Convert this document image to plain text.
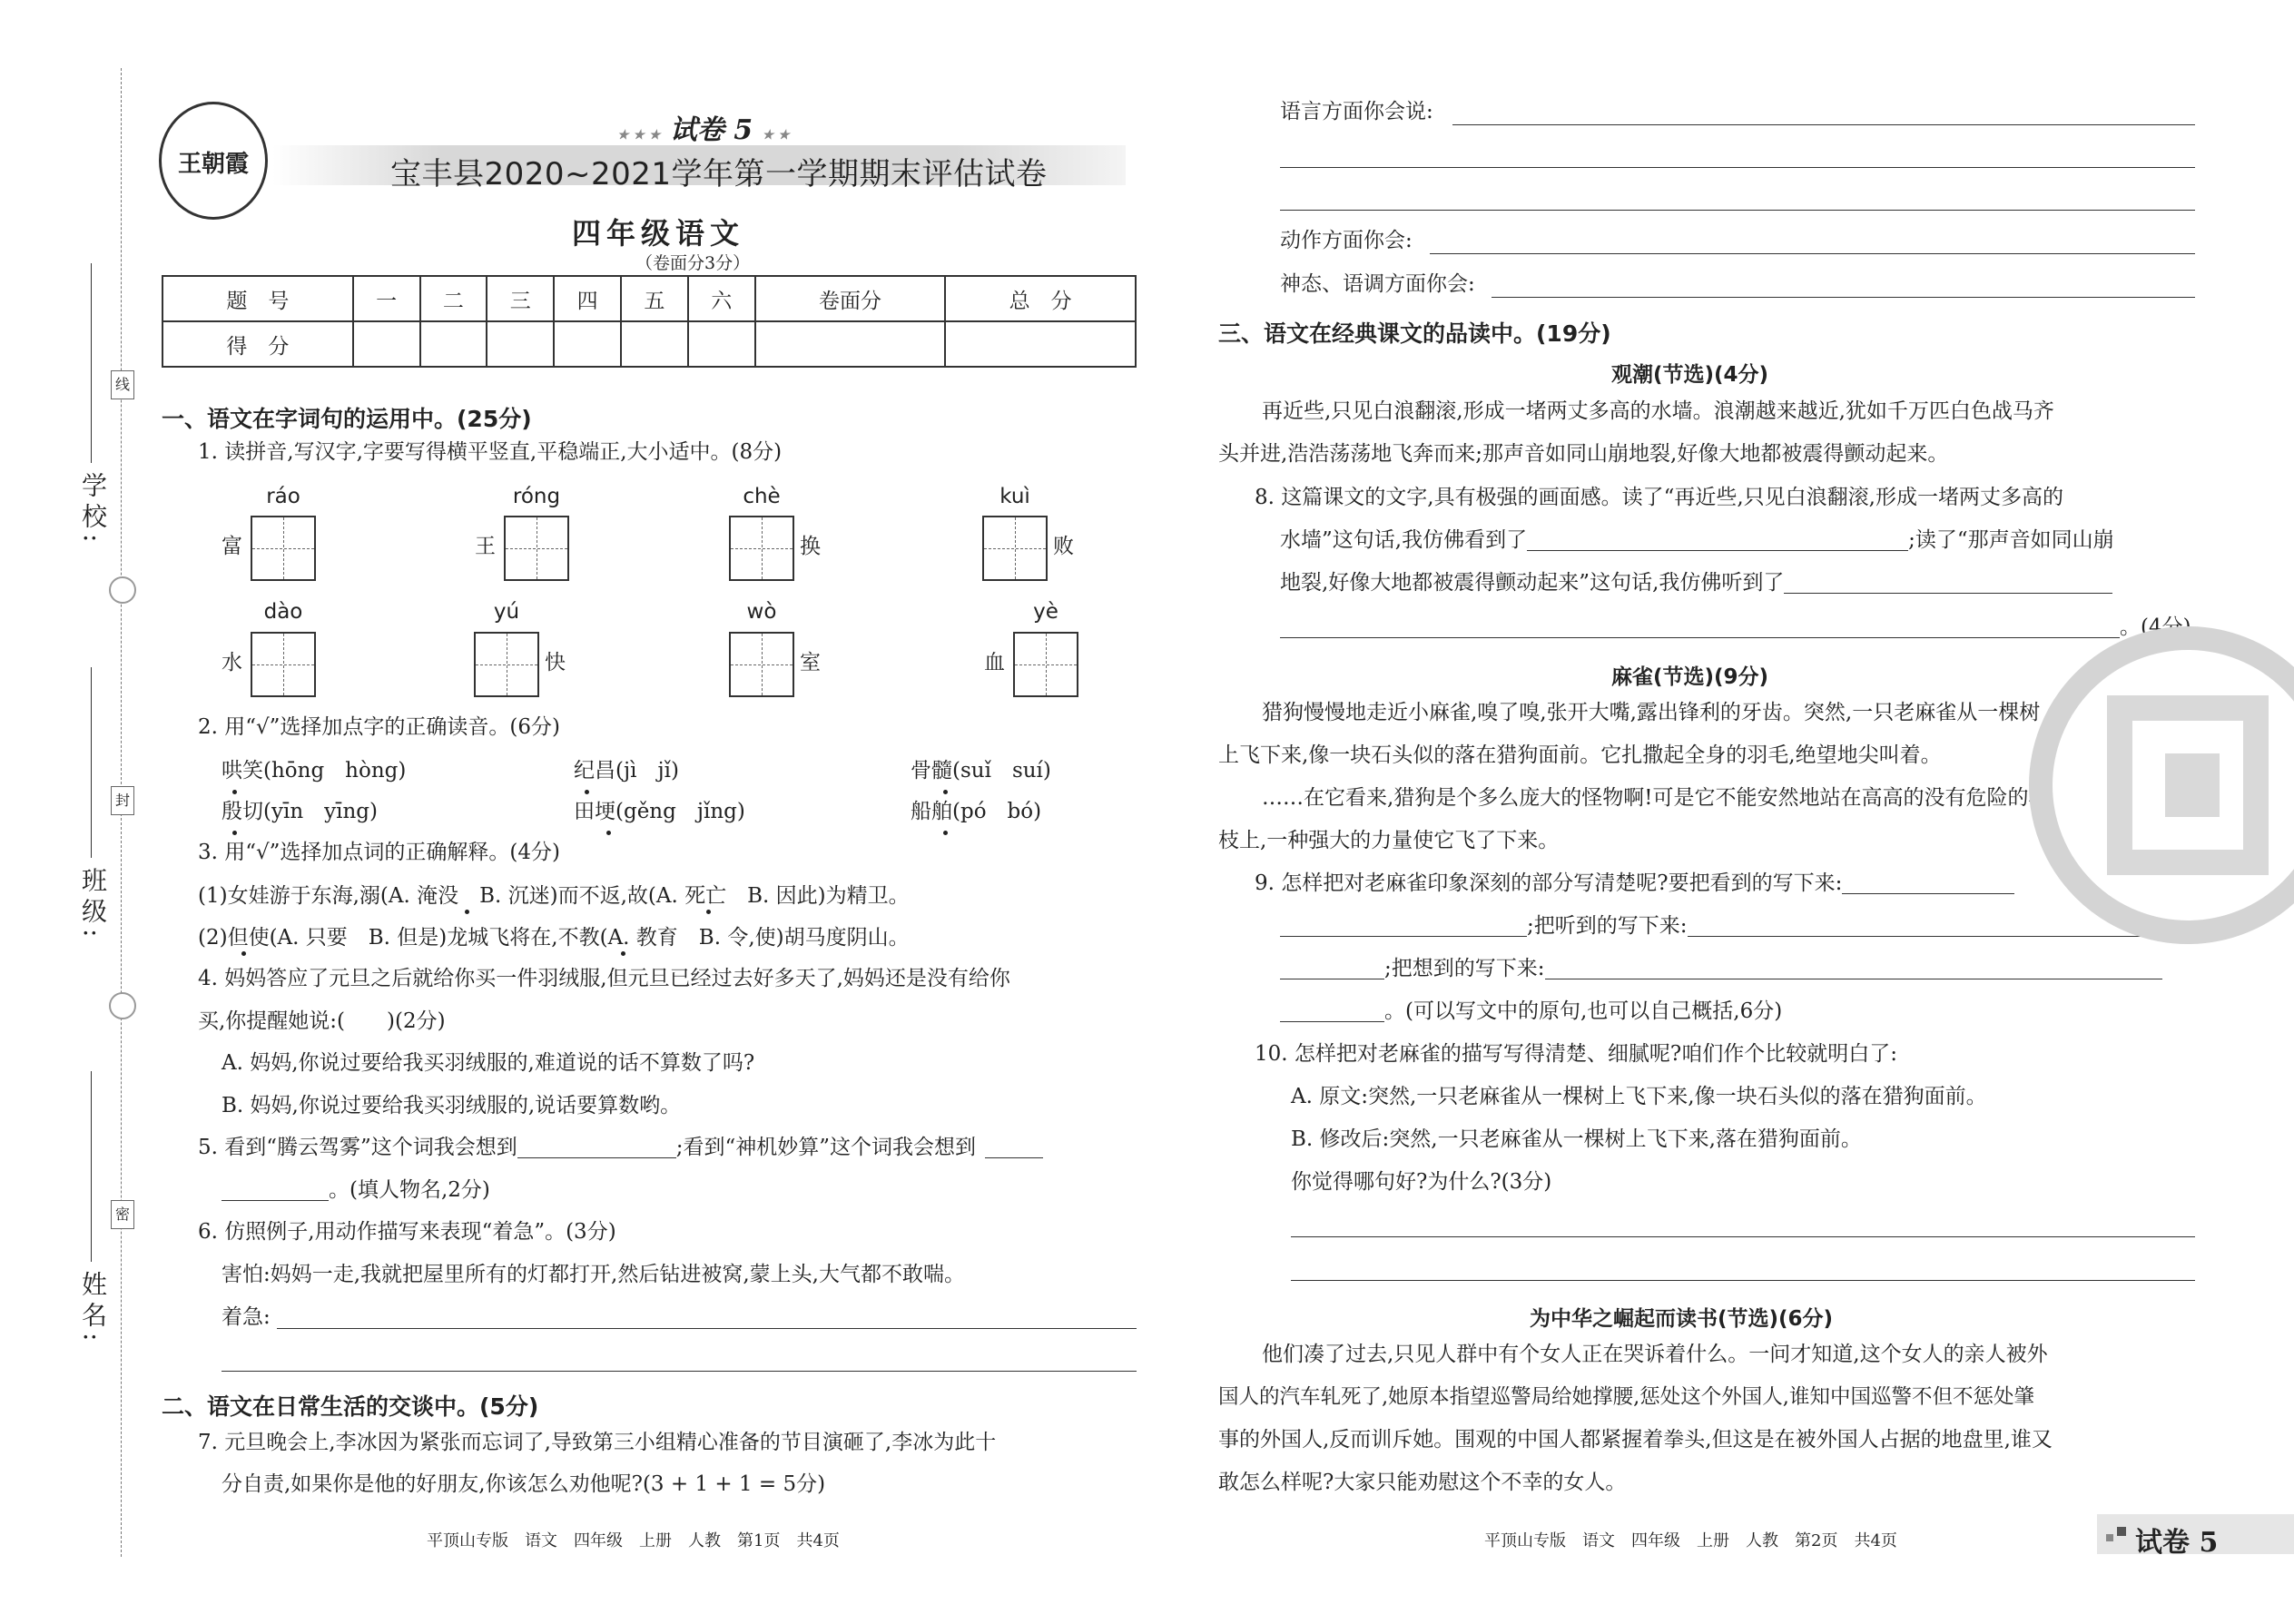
学校:
班级:
姓名:
线
封
密
王朝霞
★ ★ ★ 试卷 5 ★ ★
宝丰县2020~2021学年第一学期期末评估试卷
四年级语文
（卷面分3分）
题　号	一	二	三	四	五	六	卷面分	总　分
得　分								
一、语文在字词句的运用中。(25分)
1. 读拼音,写汉字,字要写得横平竖直,平稳端正,大小适中。(8分)
ráo
富
róng
王
chè
换
kuì
败
dào
水
yú
快
wò
室
yè
血
2. 用“√”选择加点字的正确读音。(6分)
哄笑(hōng　hòng)	纪昌(jì　jǐ)	骨髓(suǐ　suí)
殷切(yīn　yīng)	田埂(gěng　jǐng)	船舶(pó　bó)
3. 用“√”选择加点词的正确解释。(4分)
(1)女娃游于东海,溺(A. 淹没　B. 沉迷)而不返,故(A. 死亡　B. 因此)为精卫。
(2)但使(A. 只要　B. 但是)龙城飞将在,不教(A. 教育　B. 令,使)胡马度阴山。
4. 妈妈答应了元旦之后就给你买一件羽绒服,但元旦已经过去好多天了,妈妈还是没有给你
买,你提醒她说:(　　)(2分)
A. 妈妈,你说过要给我买羽绒服的,难道说的话不算数了吗?
B. 妈妈,你说过要给我买羽绒服的,说话要算数哟。
5. 看到“腾云驾雾”这个词我会想到	;看到“神机妙算”这个词我会想到
。(填人物名,2分)
6. 仿照例子,用动作描写来表现“着急”。(3分)
害怕:妈妈一走,我就把屋里所有的灯都打开,然后钻进被窝,蒙上头,大气都不敢喘。
着急:
二、语文在日常生活的交谈中。(5分)
7. 元旦晚会上,李冰因为紧张而忘词了,导致第三小组精心准备的节目演砸了,李冰为此十
分自责,如果你是他的好朋友,你该怎么劝他呢?(3 + 1 + 1 = 5分)
平顶山专版　语文　四年级　上册　人教　第1页　共4页
语言方面你会说:
动作方面你会:
神态、语调方面你会:
三、语文在经典课文的品读中。(19分)
观潮(节选)(4分)
再近些,只见白浪翻滚,形成一堵两丈多高的水墙。浪潮越来越近,犹如千万匹白色战马齐
头并进,浩浩荡荡地飞奔而来;那声音如同山崩地裂,好像大地都被震得颤动起来。
8. 这篇课文的文字,具有极强的画面感。读了“再近些,只见白浪翻滚,形成一堵两丈多高的
水墙”这句话,我仿佛看到了	;读了“那声音如同山崩
地裂,好像大地都被震得颤动起来”这句话,我仿佛听到了
。(4分)
麻雀(节选)(9分)
猎狗慢慢地走近小麻雀,嗅了嗅,张开大嘴,露出锋利的牙齿。突然,一只老麻雀从一棵树
上飞下来,像一块石头似的落在猎狗面前。它扎撒起全身的羽毛,绝望地尖叫着。
……在它看来,猎狗是个多么庞大的怪物啊!可是它不能安然地站在高高的没有危险的树
枝上,一种强大的力量使它飞了下来。
9. 怎样把对老麻雀印象深刻的部分写清楚呢?要把看到的写下来:
;把听到的写下来:
;把想到的写下来:
。(可以写文中的原句,也可以自己概括,6分)
10. 怎样把对老麻雀的描写写得清楚、细腻呢?咱们作个比较就明白了:
A. 原文:突然,一只老麻雀从一棵树上飞下来,像一块石头似的落在猎狗面前。
B. 修改后:突然,一只老麻雀从一棵树上飞下来,落在猎狗面前。
你觉得哪句好?为什么?(3分)
为中华之崛起而读书(节选)(6分)
他们凑了过去,只见人群中有个女人正在哭诉着什么。一问才知道,这个女人的亲人被外
国人的汽车轧死了,她原本指望巡警局给她撑腰,惩处这个外国人,谁知中国巡警不但不惩处肇
事的外国人,反而训斥她。围观的中国人都紧握着拳头,但这是在被外国人占据的地盘里,谁又
敢怎么样呢?大家只能劝慰这个不幸的女人。
平顶山专版　语文　四年级　上册　人教　第2页　共4页	试卷 5
